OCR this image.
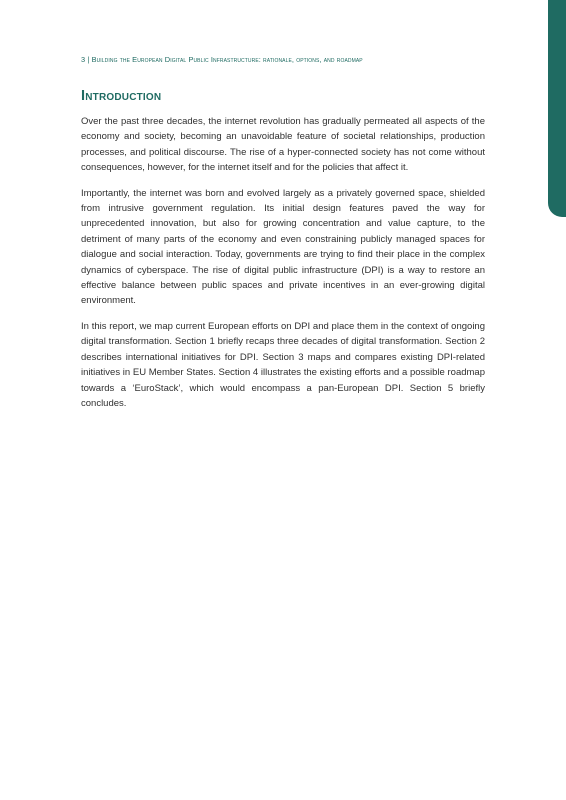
3 | Building the European Digital Public Infrastructure: rationale, options, and roadmap
Introduction

Over the past three decades, the internet revolution has gradually permeated all aspects of the economy and society, becoming an unavoidable feature of societal relationships, production processes, and political discourse. The rise of a hyper-connected society has not come without consequences, however, for the internet itself and for the policies that affect it.

Importantly, the internet was born and evolved largely as a privately governed space, shielded from intrusive government regulation. Its initial design features paved the way for unprecedented innovation, but also for growing concentration and value capture, to the detriment of many parts of the economy and even constraining publicly managed spaces for dialogue and social interaction. Today, governments are trying to find their place in the complex dynamics of cyberspace. The rise of digital public infrastructure (DPI) is a way to restore an effective balance between public spaces and private incentives in an ever-growing digital environment.

In this report, we map current European efforts on DPI and place them in the context of ongoing digital transformation. Section 1 briefly recaps three decades of digital transformation. Section 2 describes international initiatives for DPI. Section 3 maps and compares existing DPI-related initiatives in EU Member States. Section 4 illustrates the existing efforts and a possible roadmap towards a ‘EuroStack’, which would encompass a pan-European DPI. Section 5 briefly concludes.
